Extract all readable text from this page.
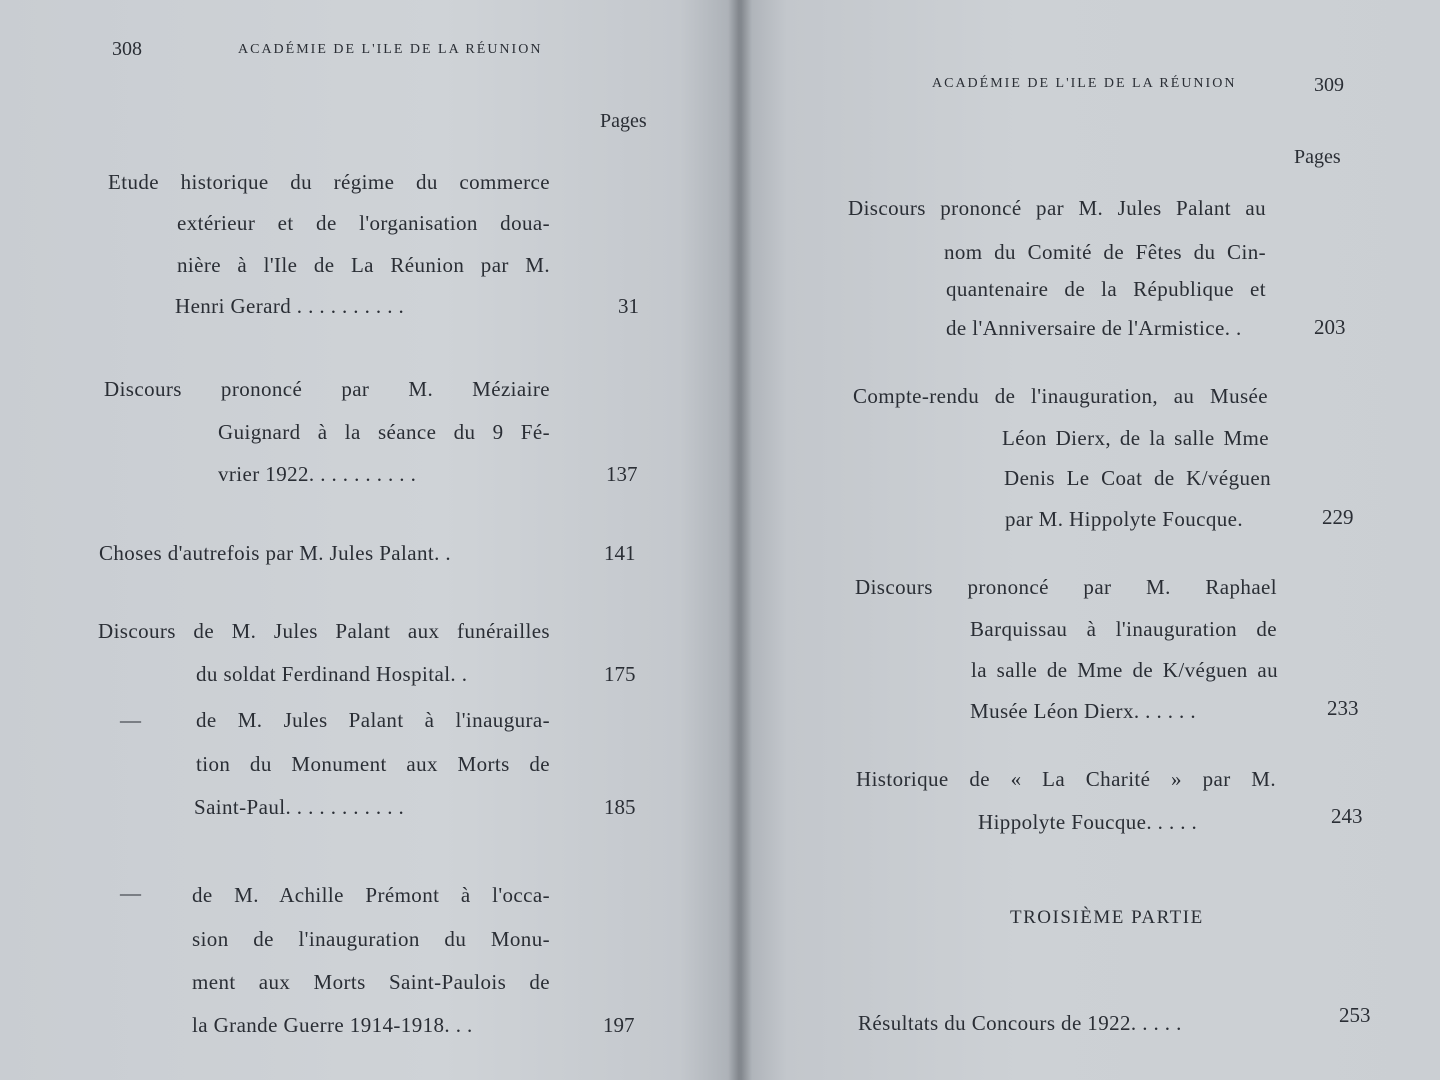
308	ACADÉMIE DE L'ILE DE LA RÉUNION
Pages
Etude historique du régime du commerce
extérieur et de l'organisation douа-
nière à l'Ile de La Réunion par M.
Henri Gerard . . . . . . . . . .	31
Discours prononcé par M. Méziaire
Guignard à la séance du 9 Fé-
vrier 1922. . . . . . . . . .	137
Choses d'autrefois par M. Jules Palant. .	141
Discours de M. Jules Palant aux funérailles
du soldat Ferdinand Hospital. .	175
—	de M. Jules Palant à l'inaugura-
tion du Monument aux Morts de
Saint-Paul. . . . . . . . . . .	185
— de M. Achille Prémont à l'occa-
sion de l'inauguration du Monu-
ment aux Morts Saint-Paulois de
la Grande Guerre 1914-1918. . .	197
ACADÉMIE DE L'ILE DE LA RÉUNION	309
Pages
Discours prononcé par M. Jules Palant au
nom du Comité de Fêtes du Cin-
quantenaire de la République et
de l'Anniversaire de l'Armistice. .	203
Compte-rendu de l'inauguration, au Musée
Léon Dierx, de la salle Mme
Denis Le Coat de K/véguen
par M. Hippolyte Foucque.	229
Discours prononcé par M. Raphael
Barquissau à l'inauguration de
la salle de Mme de K/véguen au
Musée Léon Dierx. . . . . .	233
Historique de « La Charité » par M.
Hippolyte Foucque. . . . .	243
TROISIÈME PARTIE
Résultats du Concours de 1922. . . . .	253
